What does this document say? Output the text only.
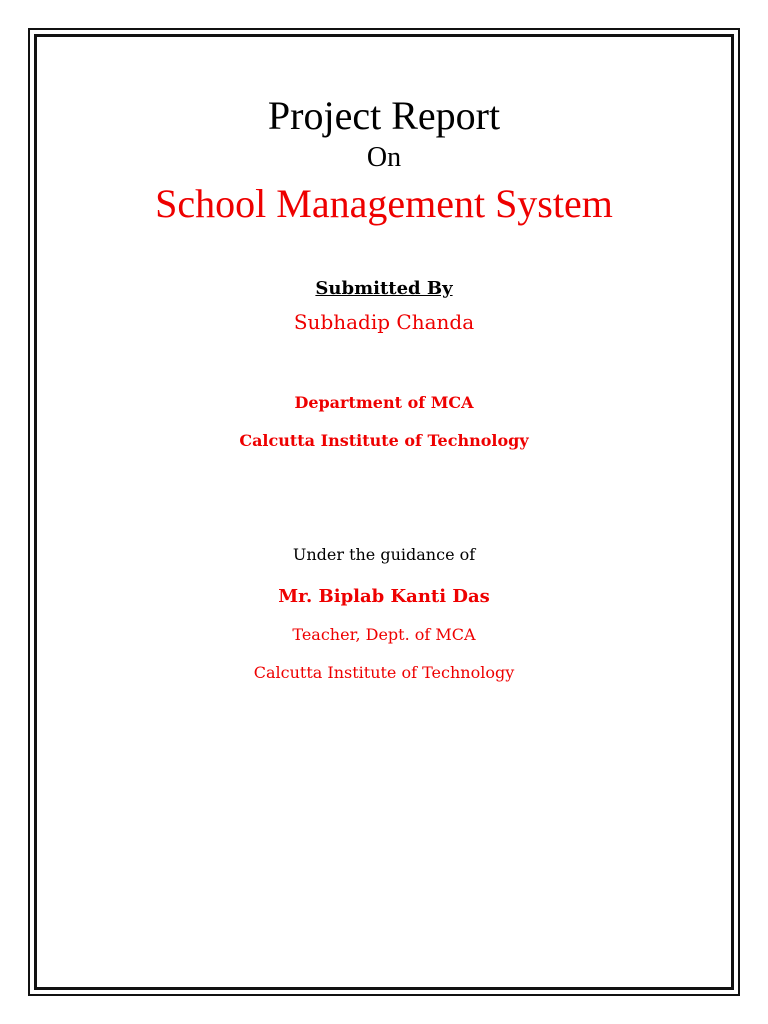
Project Report
On
School Management System
Submitted By
Subhadip Chanda
Department of MCA
Calcutta Institute of Technology
Under the guidance of
Mr. Biplab Kanti Das
Teacher, Dept. of MCA
Calcutta Institute of Technology
